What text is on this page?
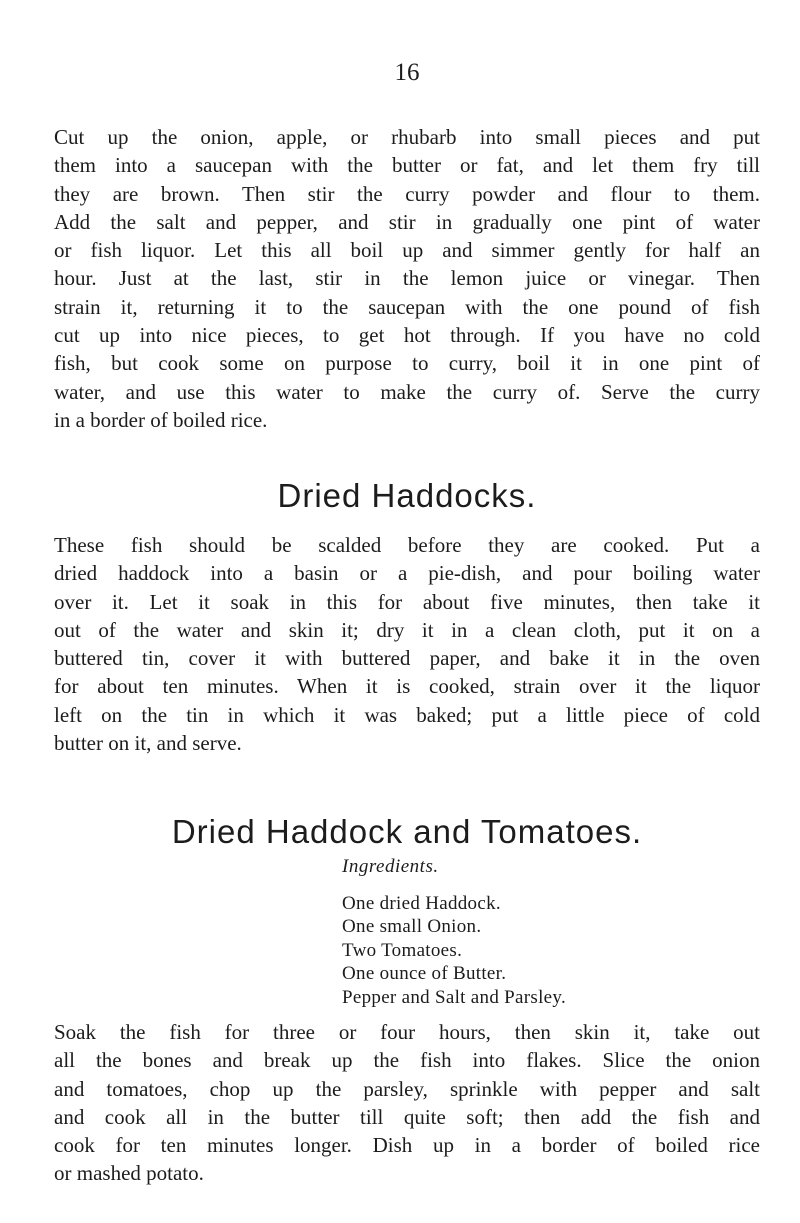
16

Cut up the onion, apple, or rhubarb into small pieces and put
them into a saucepan with the butter or fat, and let them fry till
they are brown. Then stir the curry powder and flour to them.
Add the salt and pepper, and stir in gradually one pint of water
or fish liquor. Let this all boil up and simmer gently for half an
hour. Just at the last, stir in the lemon juice or vinegar. Then
strain it, returning it to the saucepan with the one pound of fish
cut up into nice pieces, to get hot through. If you have no cold
fish, but cook some on purpose to curry, boil it in one pint of
water, and use this water to make the curry of. Serve the curry
in a border of boiled rice.

Dried Haddocks.

These fish should be scalded before they are cooked. Put a
dried haddock into a basin or a pie-dish, and pour boiling water
over it. Let it soak in this for about five minutes, then take it
out of the water and skin it; dry it in a clean cloth, put it on a
buttered tin, cover it with buttered paper, and bake it in the oven
for about ten minutes. When it is cooked, strain over it the liquor
left on the tin in which it was baked; put a little piece of cold
butter on it, and serve.

Dried Haddock and Tomatoes.
Ingredients.
One dried Haddock.
One small Onion.
Two Tomatoes.
One ounce of Butter.
Pepper and Salt and Parsley.

Soak the fish for three or four hours, then skin it, take out
all the bones and break up the fish into flakes. Slice the onion
and tomatoes, chop up the parsley, sprinkle with pepper and salt
and cook all in the butter till quite soft; then add the fish and
cook for ten minutes longer. Dish up in a border of boiled rice
or mashed potato.
